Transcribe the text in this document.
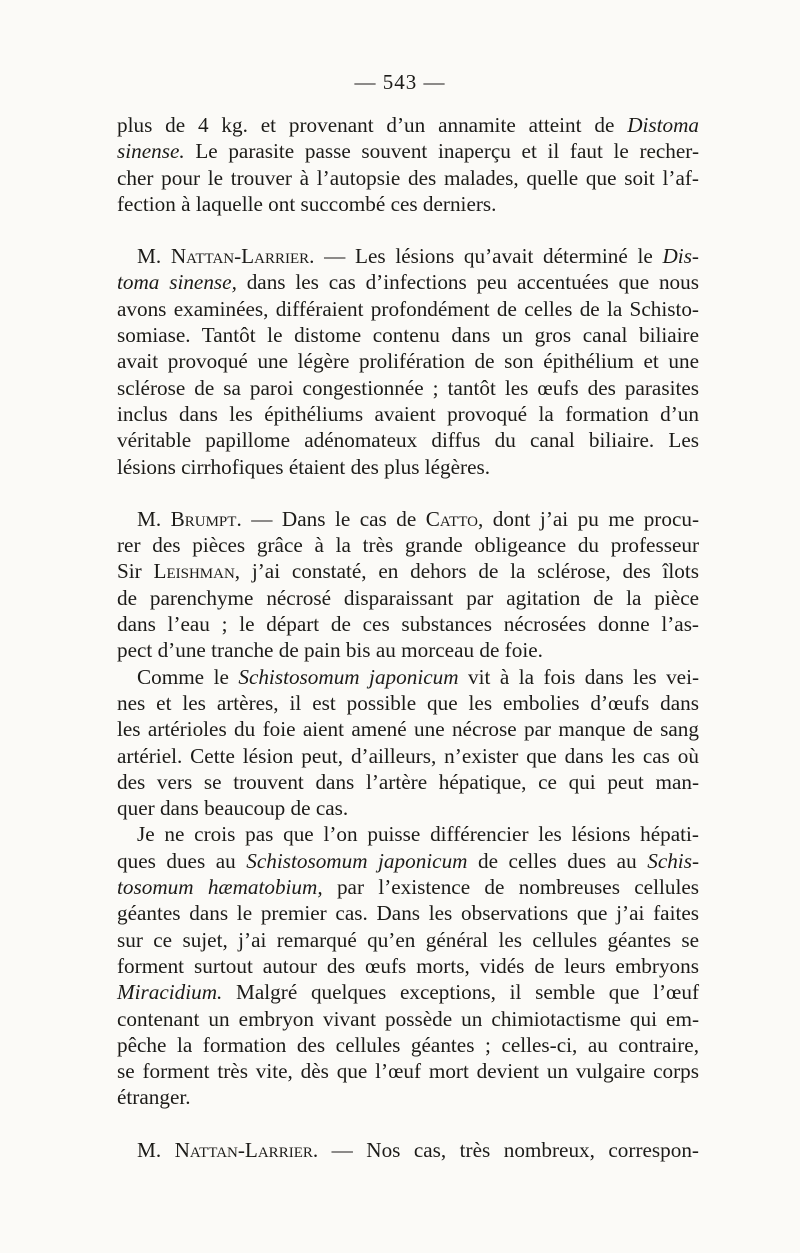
— 543 —
plus de 4 kg. et provenant d’un annamite atteint de Distoma
sinense. Le parasite passe souvent inaperçu et il faut le recher-
cher pour le trouver à l’autopsie des malades, quelle que soit l’af-
fection à laquelle ont succombé ces derniers.
M. Nattan-Larrier. — Les lésions qu’avait déterminé le Dis-
toma sinense, dans les cas d’infections peu accentuées que nous
avons examinées, différaient profondément de celles de la Schisto-
somiase. Tantôt le distome contenu dans un gros canal biliaire
avait provoqué une légère prolifération de son épithélium et une
sclérose de sa paroi congestionnée ; tantôt les œufs des parasites
inclus dans les épithéliums avaient provoqué la formation d’un
véritable papillome adénomateux diffus du canal biliaire. Les
lésions cirrhofiques étaient des plus légères.
M. Brumpt. — Dans le cas de Catto, dont j’ai pu me procu-
rer des pièces grâce à la très grande obligeance du professeur
Sir Leishman, j’ai constaté, en dehors de la sclérose, des îlots
de parenchyme nécrosé disparaissant par agitation de la pièce
dans l’eau ; le départ de ces substances nécrosées donne l’as-
pect d’une tranche de pain bis au morceau de foie.
Comme le Schistosomum japonicum vit à la fois dans les vei-
nes et les artères, il est possible que les embolies d’œufs dans
les artérioles du foie aient amené une nécrose par manque de sang
artériel. Cette lésion peut, d’ailleurs, n’exister que dans les cas où
des vers se trouvent dans l’artère hépatique, ce qui peut man-
quer dans beaucoup de cas.
Je ne crois pas que l’on puisse différencier les lésions hépati-
ques dues au Schistosomum japonicum de celles dues au Schis-
tosomum hæmatobium, par l’existence de nombreuses cellules
géantes dans le premier cas. Dans les observations que j’ai faites
sur ce sujet, j’ai remarqué qu’en général les cellules géantes se
forment surtout autour des œufs morts, vidés de leurs embryons
Miracidium. Malgré quelques exceptions, il semble que l’œuf
contenant un embryon vivant possède un chimiotactisme qui em-
pêche la formation des cellules géantes ; celles-ci, au contraire,
se forment très vite, dès que l’œuf mort devient un vulgaire corps
étranger.
M. Nattan-Larrier. — Nos cas, très nombreux, correspon-
